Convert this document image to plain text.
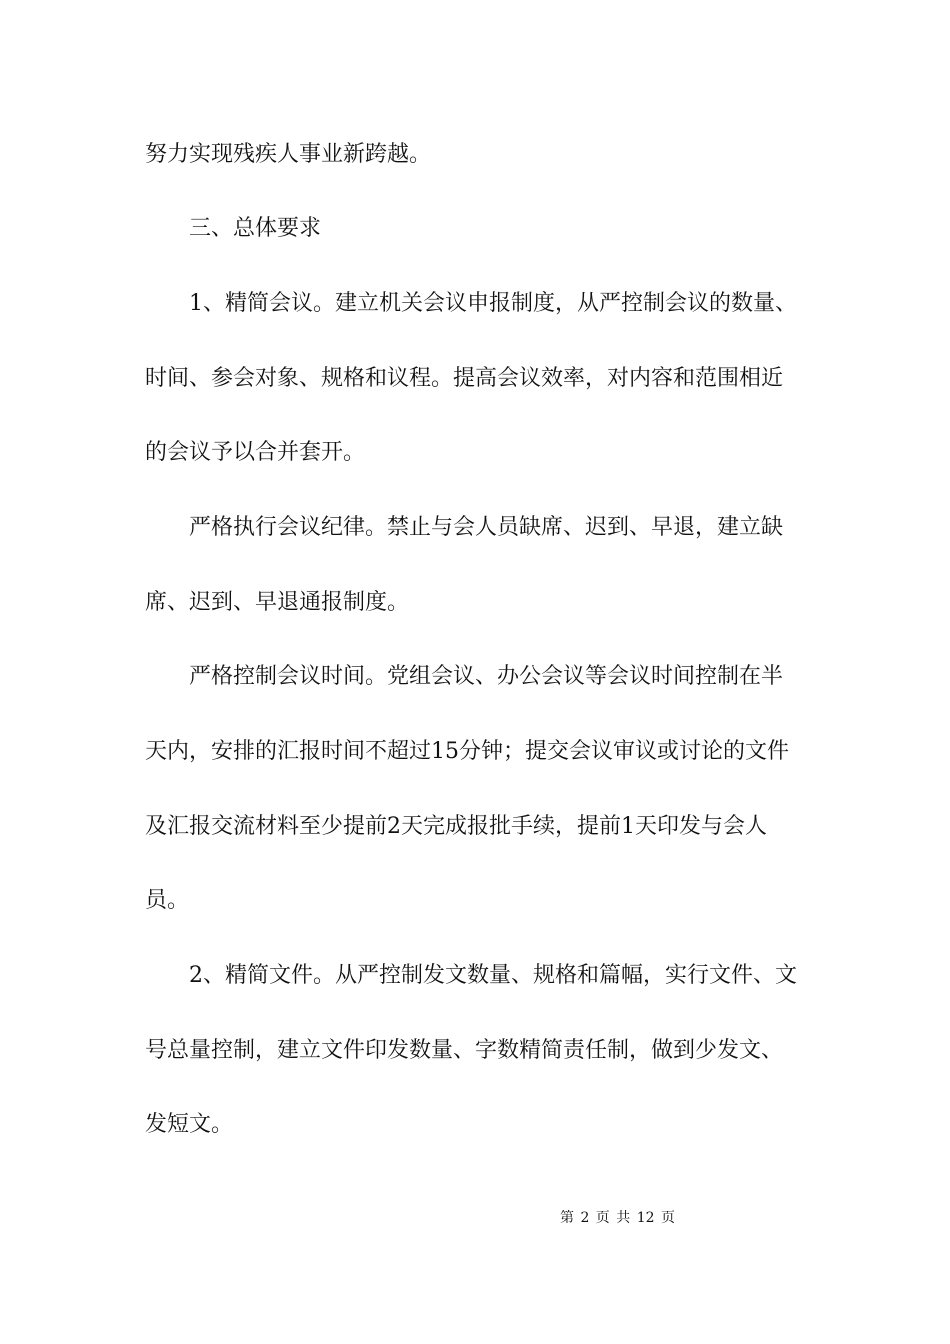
努力实现残疾人事业新跨越。
三、总体要求
1、精简会议。建立机关会议申报制度，从严控制会议的数量、
时间、参会对象、规格和议程。提高会议效率，对内容和范围相近
的会议予以合并套开。
严格执行会议纪律。禁止与会人员缺席、迟到、早退，建立缺
席、迟到、早退通报制度。
严格控制会议时间。党组会议、办公会议等会议时间控制在半
天内，安排的汇报时间不超过15分钟；提交会议审议或讨论的文件
及汇报交流材料至少提前2天完成报批手续，提前1天印发与会人
员。
2、精简文件。从严控制发文数量、规格和篇幅，实行文件、文
号总量控制，建立文件印发数量、字数精简责任制，做到少发文、
发短文。
第 2 页 共 12 页
